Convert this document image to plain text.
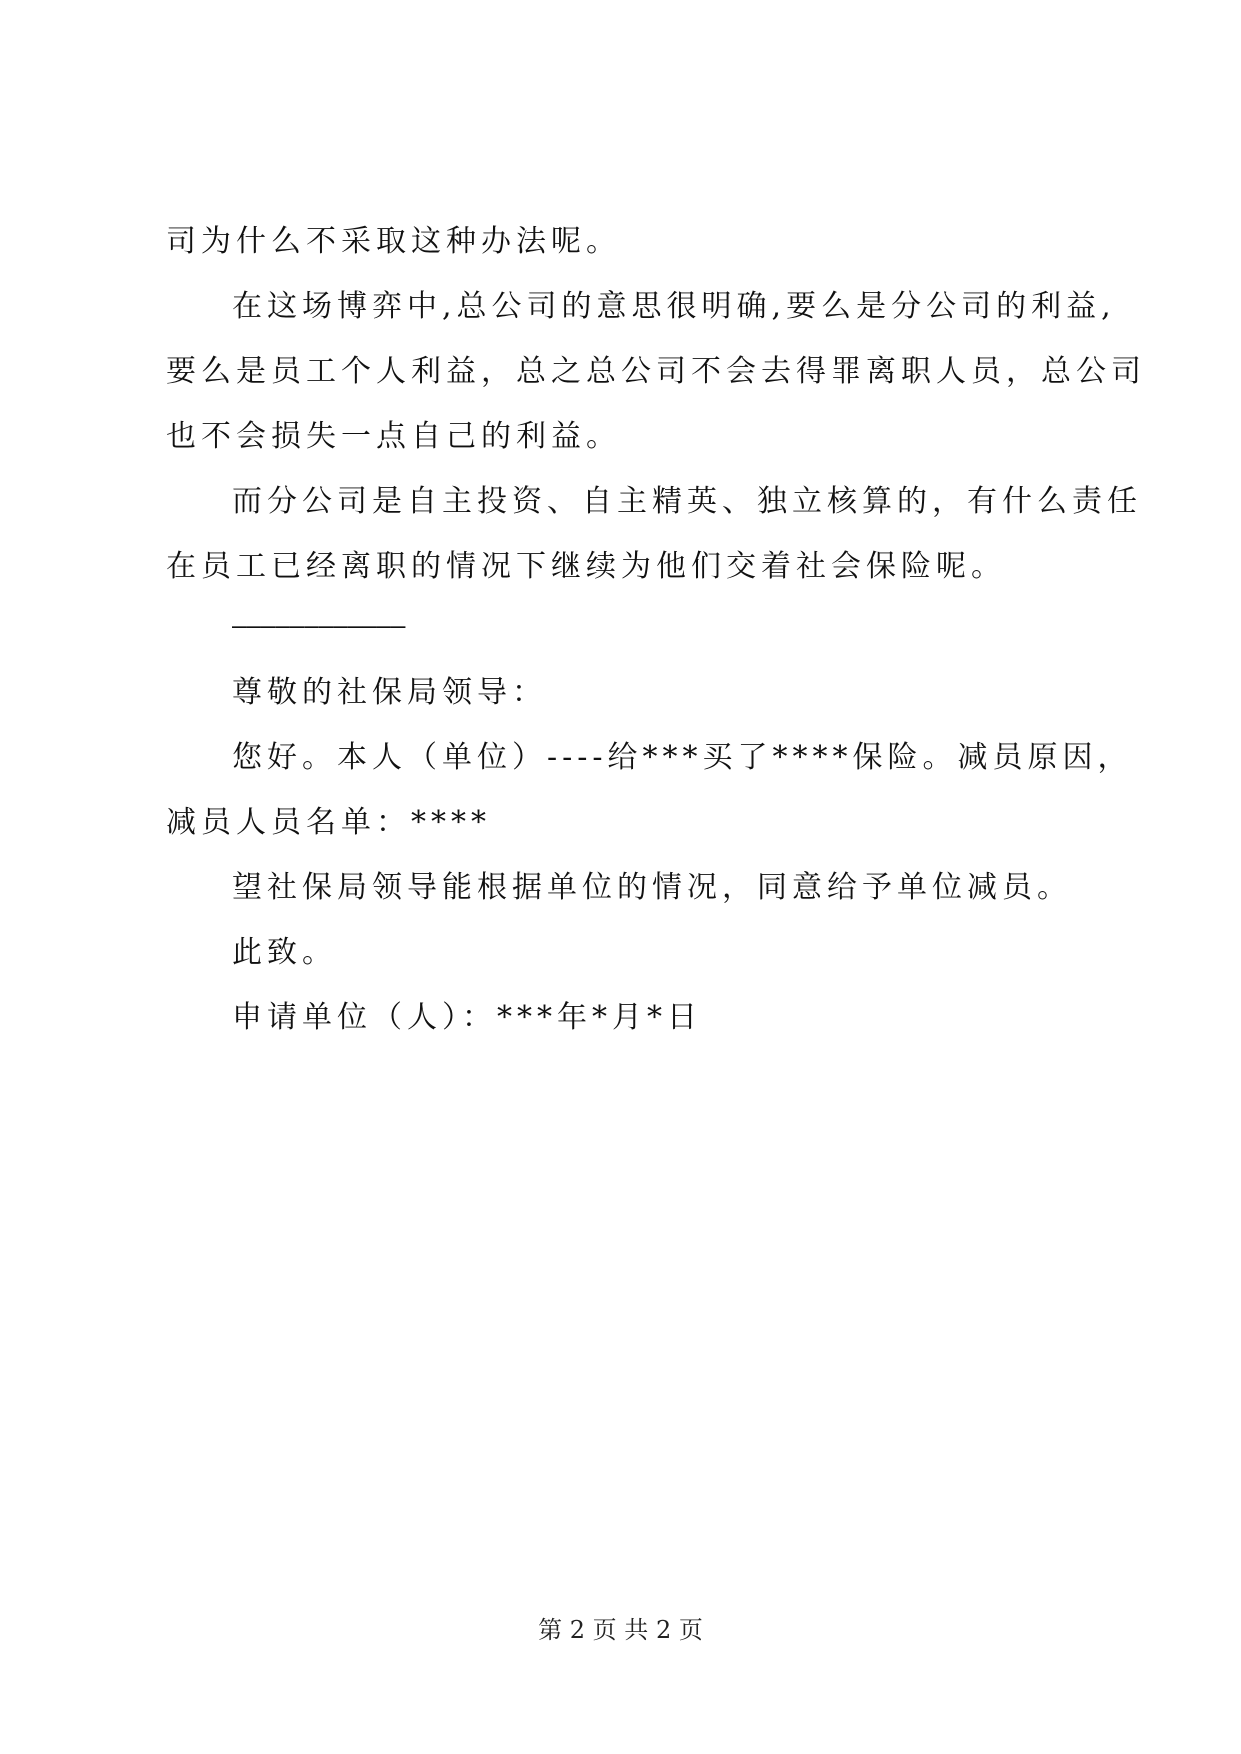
司为什么不采取这种办法呢。
在这场博弈中,总公司的意思很明确,要么是分公司的利益,
要么是员工个人利益，总之总公司不会去得罪离职人员，总公司
也不会损失一点自己的利益。
而分公司是自主投资、自主精英、独立核算的，有什么责任
在员工已经离职的情况下继续为他们交着社会保险呢。
————————————
尊敬的社保局领导：
您好。本人（单位）----给***买了****保险。减员原因，
减员人员名单：****
望社保局领导能根据单位的情况，同意给予单位减员。
此致。
申请单位（人）：***年*月*日
第 2 页 共 2 页
